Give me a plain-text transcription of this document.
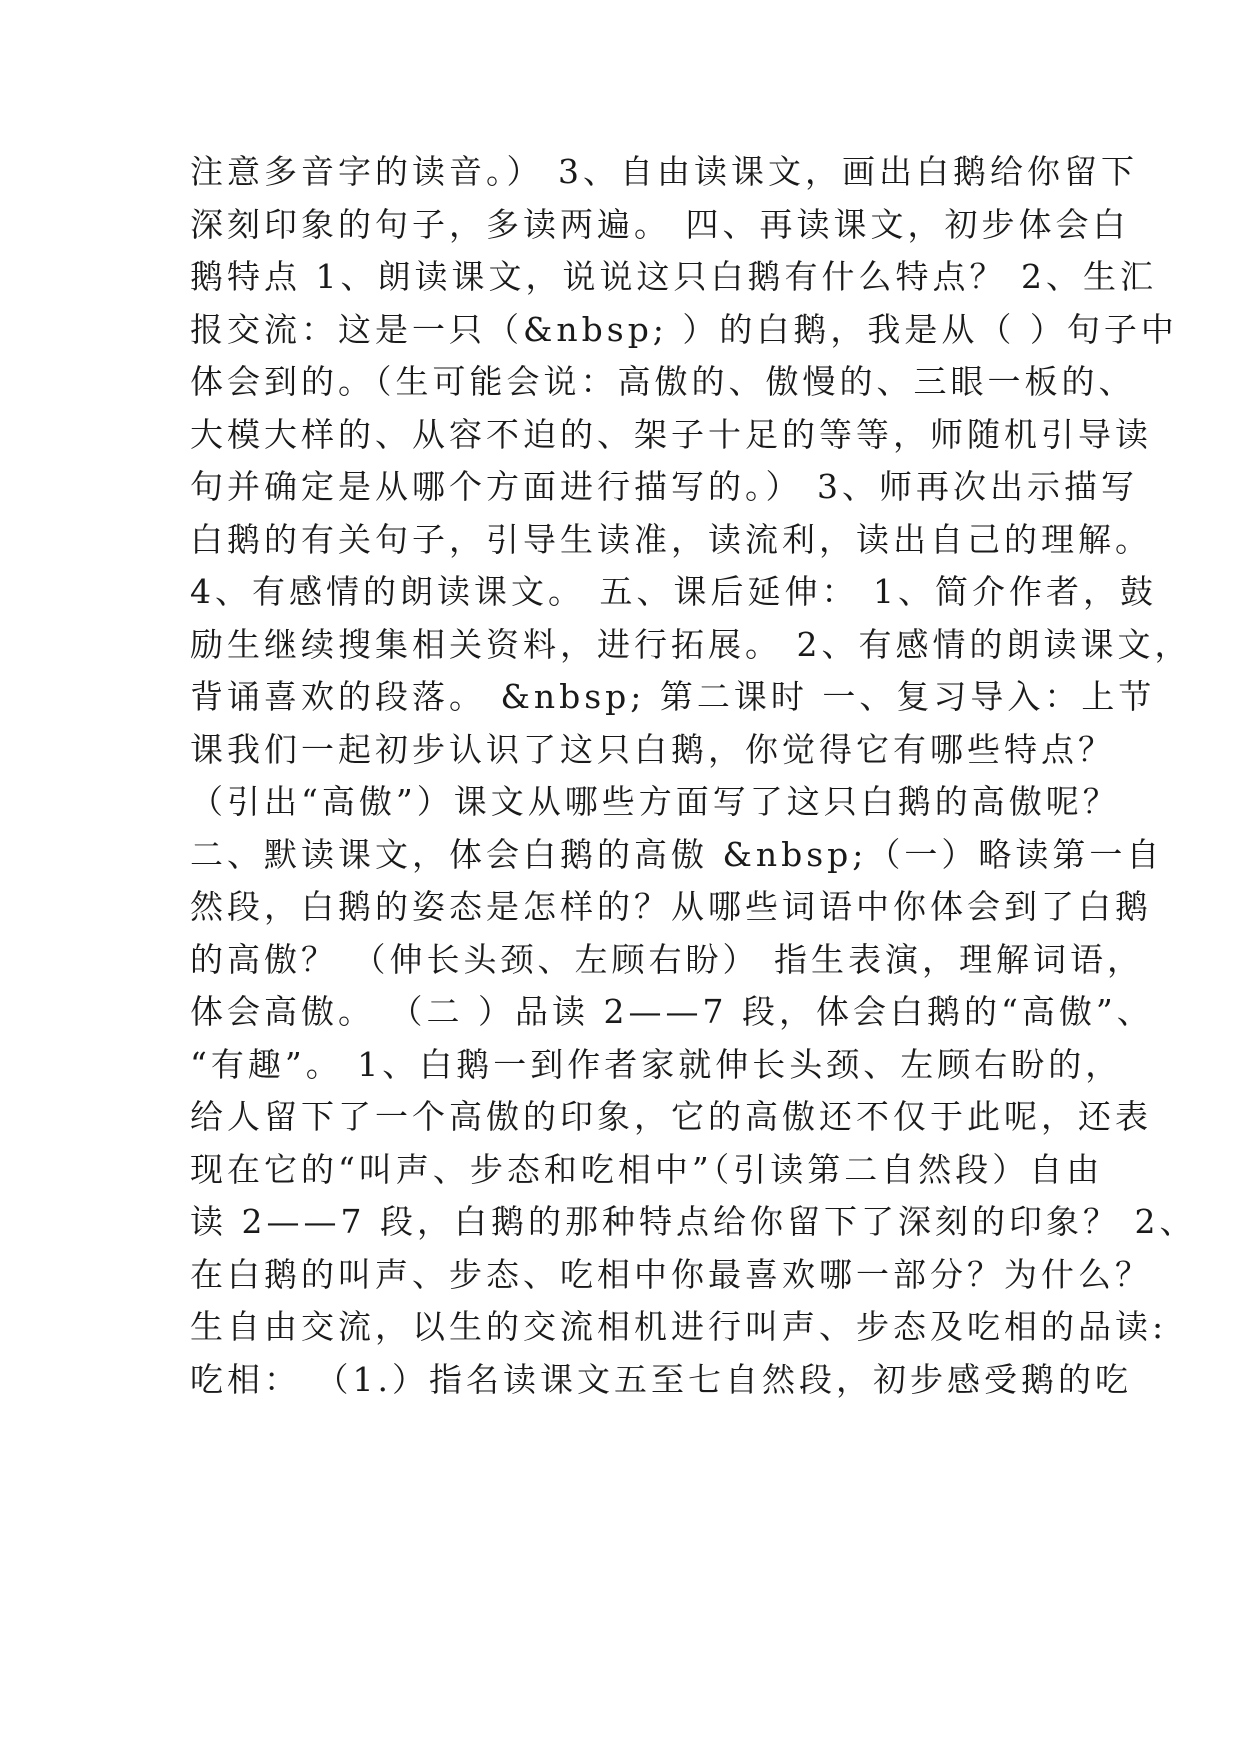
注意多音字的读音。） 3、自由读课文，画出白鹅给你留下
深刻印象的句子，多读两遍。 四、再读课文，初步体会白
鹅特点 1、朗读课文，说说这只白鹅有什么特点？ 2、生汇
报交流：这是一只（&nbsp; ）的白鹅，我是从（ ）句子中
体会到的。（生可能会说：高傲的、傲慢的、三眼一板的、
大模大样的、从容不迫的、架子十足的等等，师随机引导读
句并确定是从哪个方面进行描写的。） 3、师再次出示描写
白鹅的有关句子，引导生读准，读流利，读出自己的理解。
4、有感情的朗读课文。 五、课后延伸： 1、简介作者，鼓
励生继续搜集相关资料，进行拓展。 2、有感情的朗读课文，
背诵喜欢的段落。 &nbsp; 第二课时 一、复习导入：上节
课我们一起初步认识了这只白鹅，你觉得它有哪些特点？
（引出“高傲”）课文从哪些方面写了这只白鹅的高傲呢？
二、默读课文，体会白鹅的高傲 &nbsp;（一）略读第一自
然段，白鹅的姿态是怎样的？从哪些词语中你体会到了白鹅
的高傲？ （伸长头颈、左顾右盼） 指生表演，理解词语，
体会高傲。 （二 ）品读 2——7 段，体会白鹅的“高傲”、
“有趣”。 1、白鹅一到作者家就伸长头颈、左顾右盼的，
给人留下了一个高傲的印象，它的高傲还不仅于此呢，还表
现在它的“叫声、步态和吃相中”（引读第二自然段）自由
读 2——7 段，白鹅的那种特点给你留下了深刻的印象？ 2、
在白鹅的叫声、步态、吃相中你最喜欢哪一部分？为什么？
生自由交流，以生的交流相机进行叫声、步态及吃相的品读:
吃相： （1.）指名读课文五至七自然段，初步感受鹅的吃
